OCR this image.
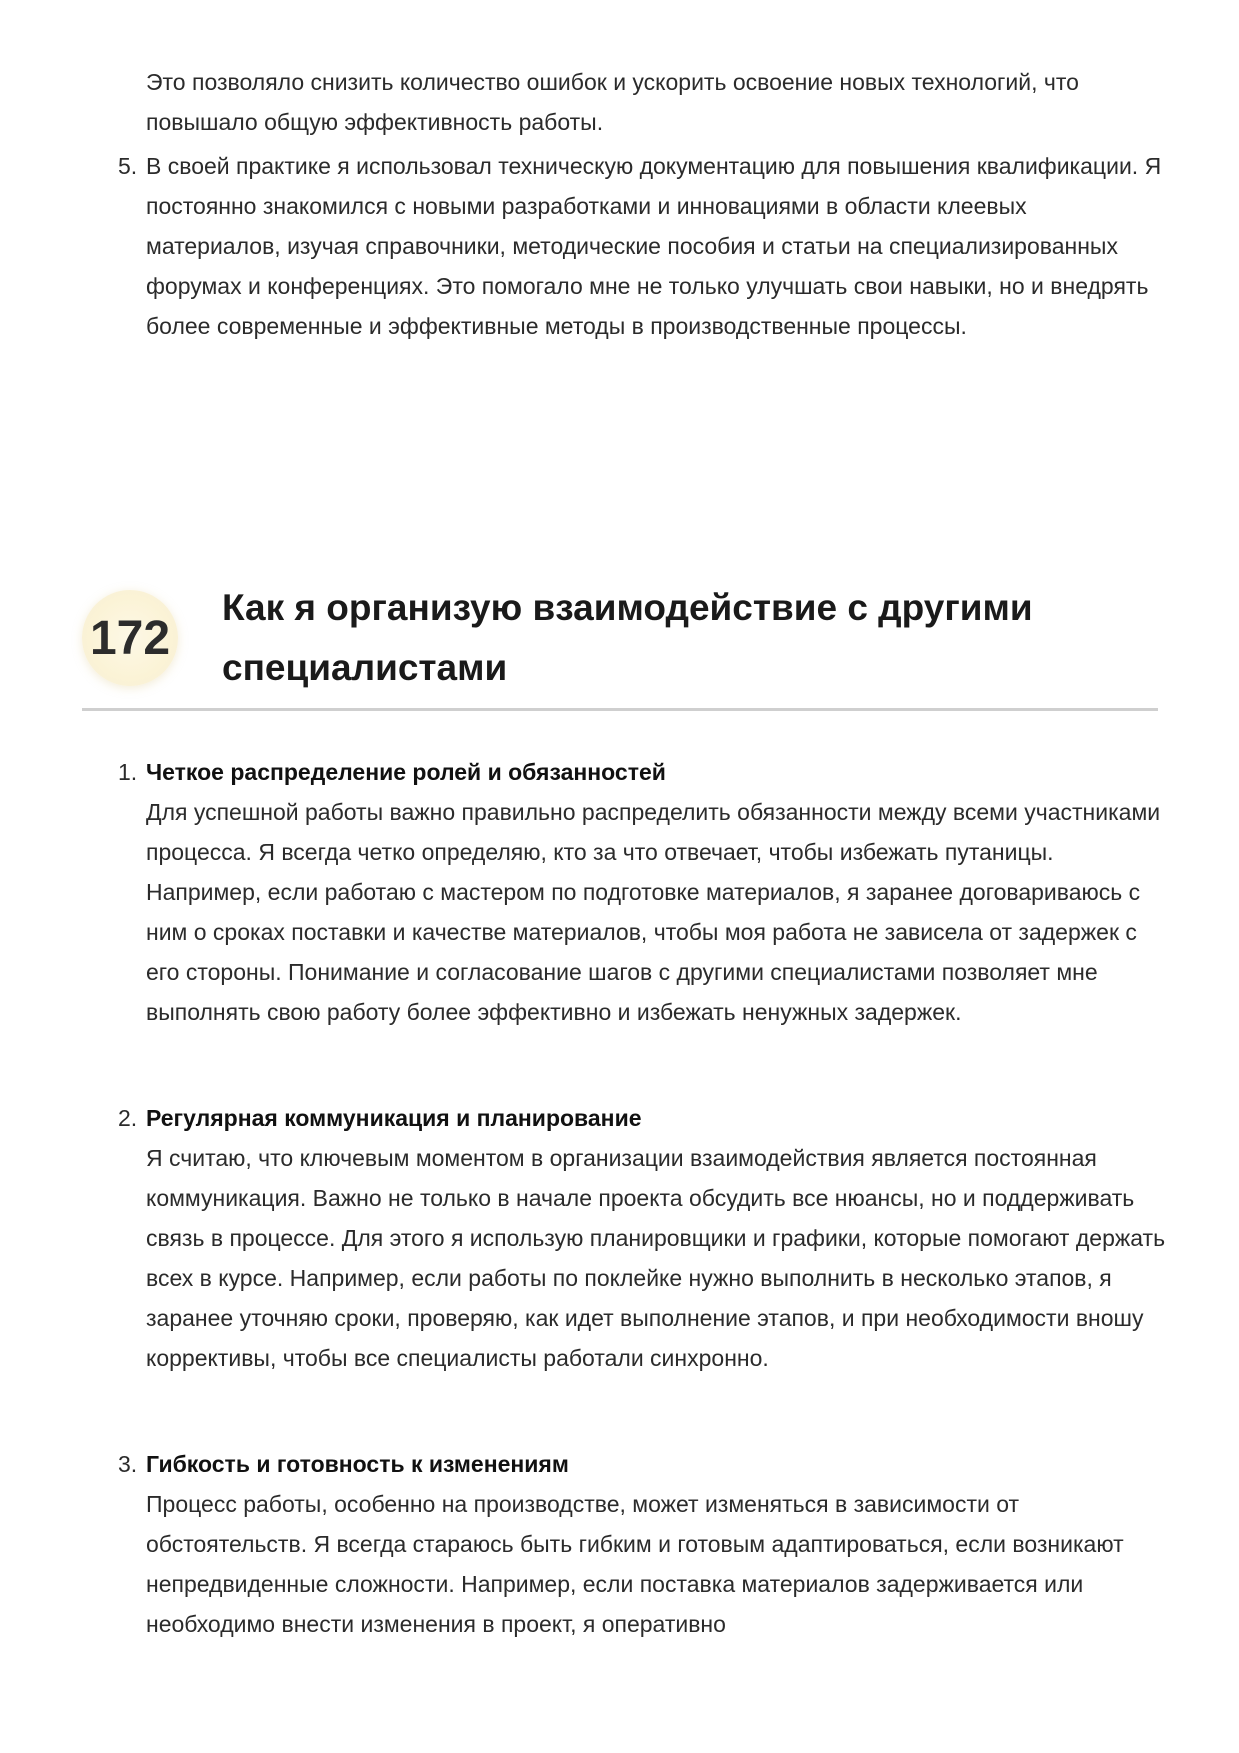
Это позволяло снизить количество ошибок и ускорить освоение новых технологий, что повышало общую эффективность работы.

5. В своей практике я использовал техническую документацию для повышения квалификации. Я постоянно знакомился с новыми разработками и инновациями в области клеевых материалов, изучая справочники, методические пособия и статьи на специализированных форумах и конференциях. Это помогало мне не только улучшать свои навыки, но и внедрять более современные и эффективные методы в производственные процессы.
172
Как я организую взаимодействие с другими специалистами
1. Четкое распределение ролей и обязанностей
Для успешной работы важно правильно распределить обязанности между всеми участниками процесса. Я всегда четко определяю, кто за что отвечает, чтобы избежать путаницы. Например, если работаю с мастером по подготовке материалов, я заранее договариваюсь с ним о сроках поставки и качестве материалов, чтобы моя работа не зависела от задержек с его стороны. Понимание и согласование шагов с другими специалистами позволяет мне выполнять свою работу более эффективно и избежать ненужных задержек.
2. Регулярная коммуникация и планирование
Я считаю, что ключевым моментом в организации взаимодействия является постоянная коммуникация. Важно не только в начале проекта обсудить все нюансы, но и поддерживать связь в процессе. Для этого я использую планировщики и графики, которые помогают держать всех в курсе. Например, если работы по поклейке нужно выполнить в несколько этапов, я заранее уточняю сроки, проверяю, как идет выполнение этапов, и при необходимости вношу коррективы, чтобы все специалисты работали синхронно.
3. Гибкость и готовность к изменениям
Процесс работы, особенно на производстве, может изменяться в зависимости от обстоятельств. Я всегда стараюсь быть гибким и готовым адаптироваться, если возникают непредвиденные сложности. Например, если поставка материалов задерживается или необходимо внести изменения в проект, я оперативно
